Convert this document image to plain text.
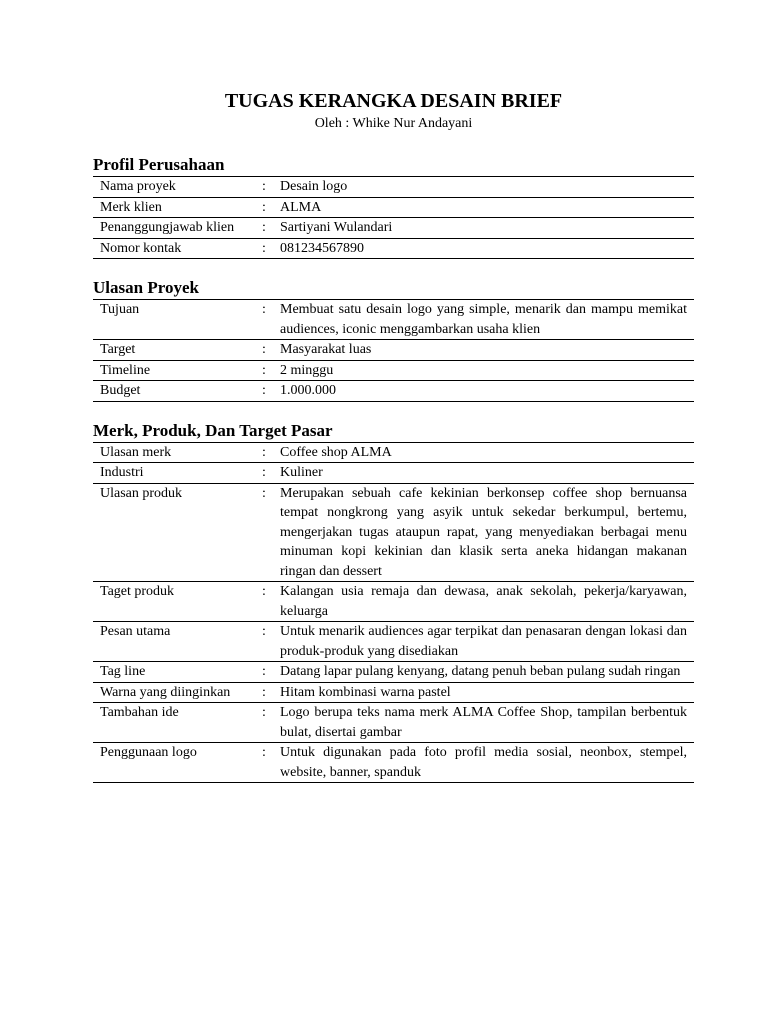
TUGAS KERANGKA DESAIN BRIEF

Oleh : Whike Nur Andayani

Profil Perusahaan
Nama proyek	:	Desain logo
Merk klien	:	ALMA
Penanggungjawab klien	:	Sartiyani Wulandari
Nomor kontak	:	081234567890
Ulasan Proyek
Tujuan	:	Membuat satu desain logo yang simple, menarik dan mampu memikat audiences, iconic menggambarkan usaha klien
Target	:	Masyarakat luas
Timeline	:	2 minggu
Budget	:	1.000.000
Merk, Produk, Dan Target Pasar
Ulasan merk	:	Coffee shop ALMA
Industri	:	Kuliner
Ulasan produk	:	Merupakan sebuah cafe kekinian berkonsep coffee shop bernuansa tempat nongkrong yang asyik untuk sekedar berkumpul, bertemu, mengerjakan tugas ataupun rapat, yang menyediakan berbagai menu minuman kopi kekinian dan klasik serta aneka hidangan makanan ringan dan dessert
Taget produk	:	Kalangan usia remaja dan dewasa, anak sekolah, pekerja/karyawan, keluarga
Pesan utama	:	Untuk menarik audiences agar terpikat dan penasaran dengan lokasi dan produk-produk yang disediakan
Tag line	:	Datang lapar pulang kenyang, datang penuh beban pulang sudah ringan
Warna yang diinginkan	:	Hitam kombinasi warna pastel
Tambahan ide	:	Logo berupa teks nama merk ALMA Coffee Shop, tampilan berbentuk bulat, disertai gambar
Penggunaan logo	:	Untuk digunakan pada foto profil media sosial, neonbox, stempel, website, banner, spanduk
